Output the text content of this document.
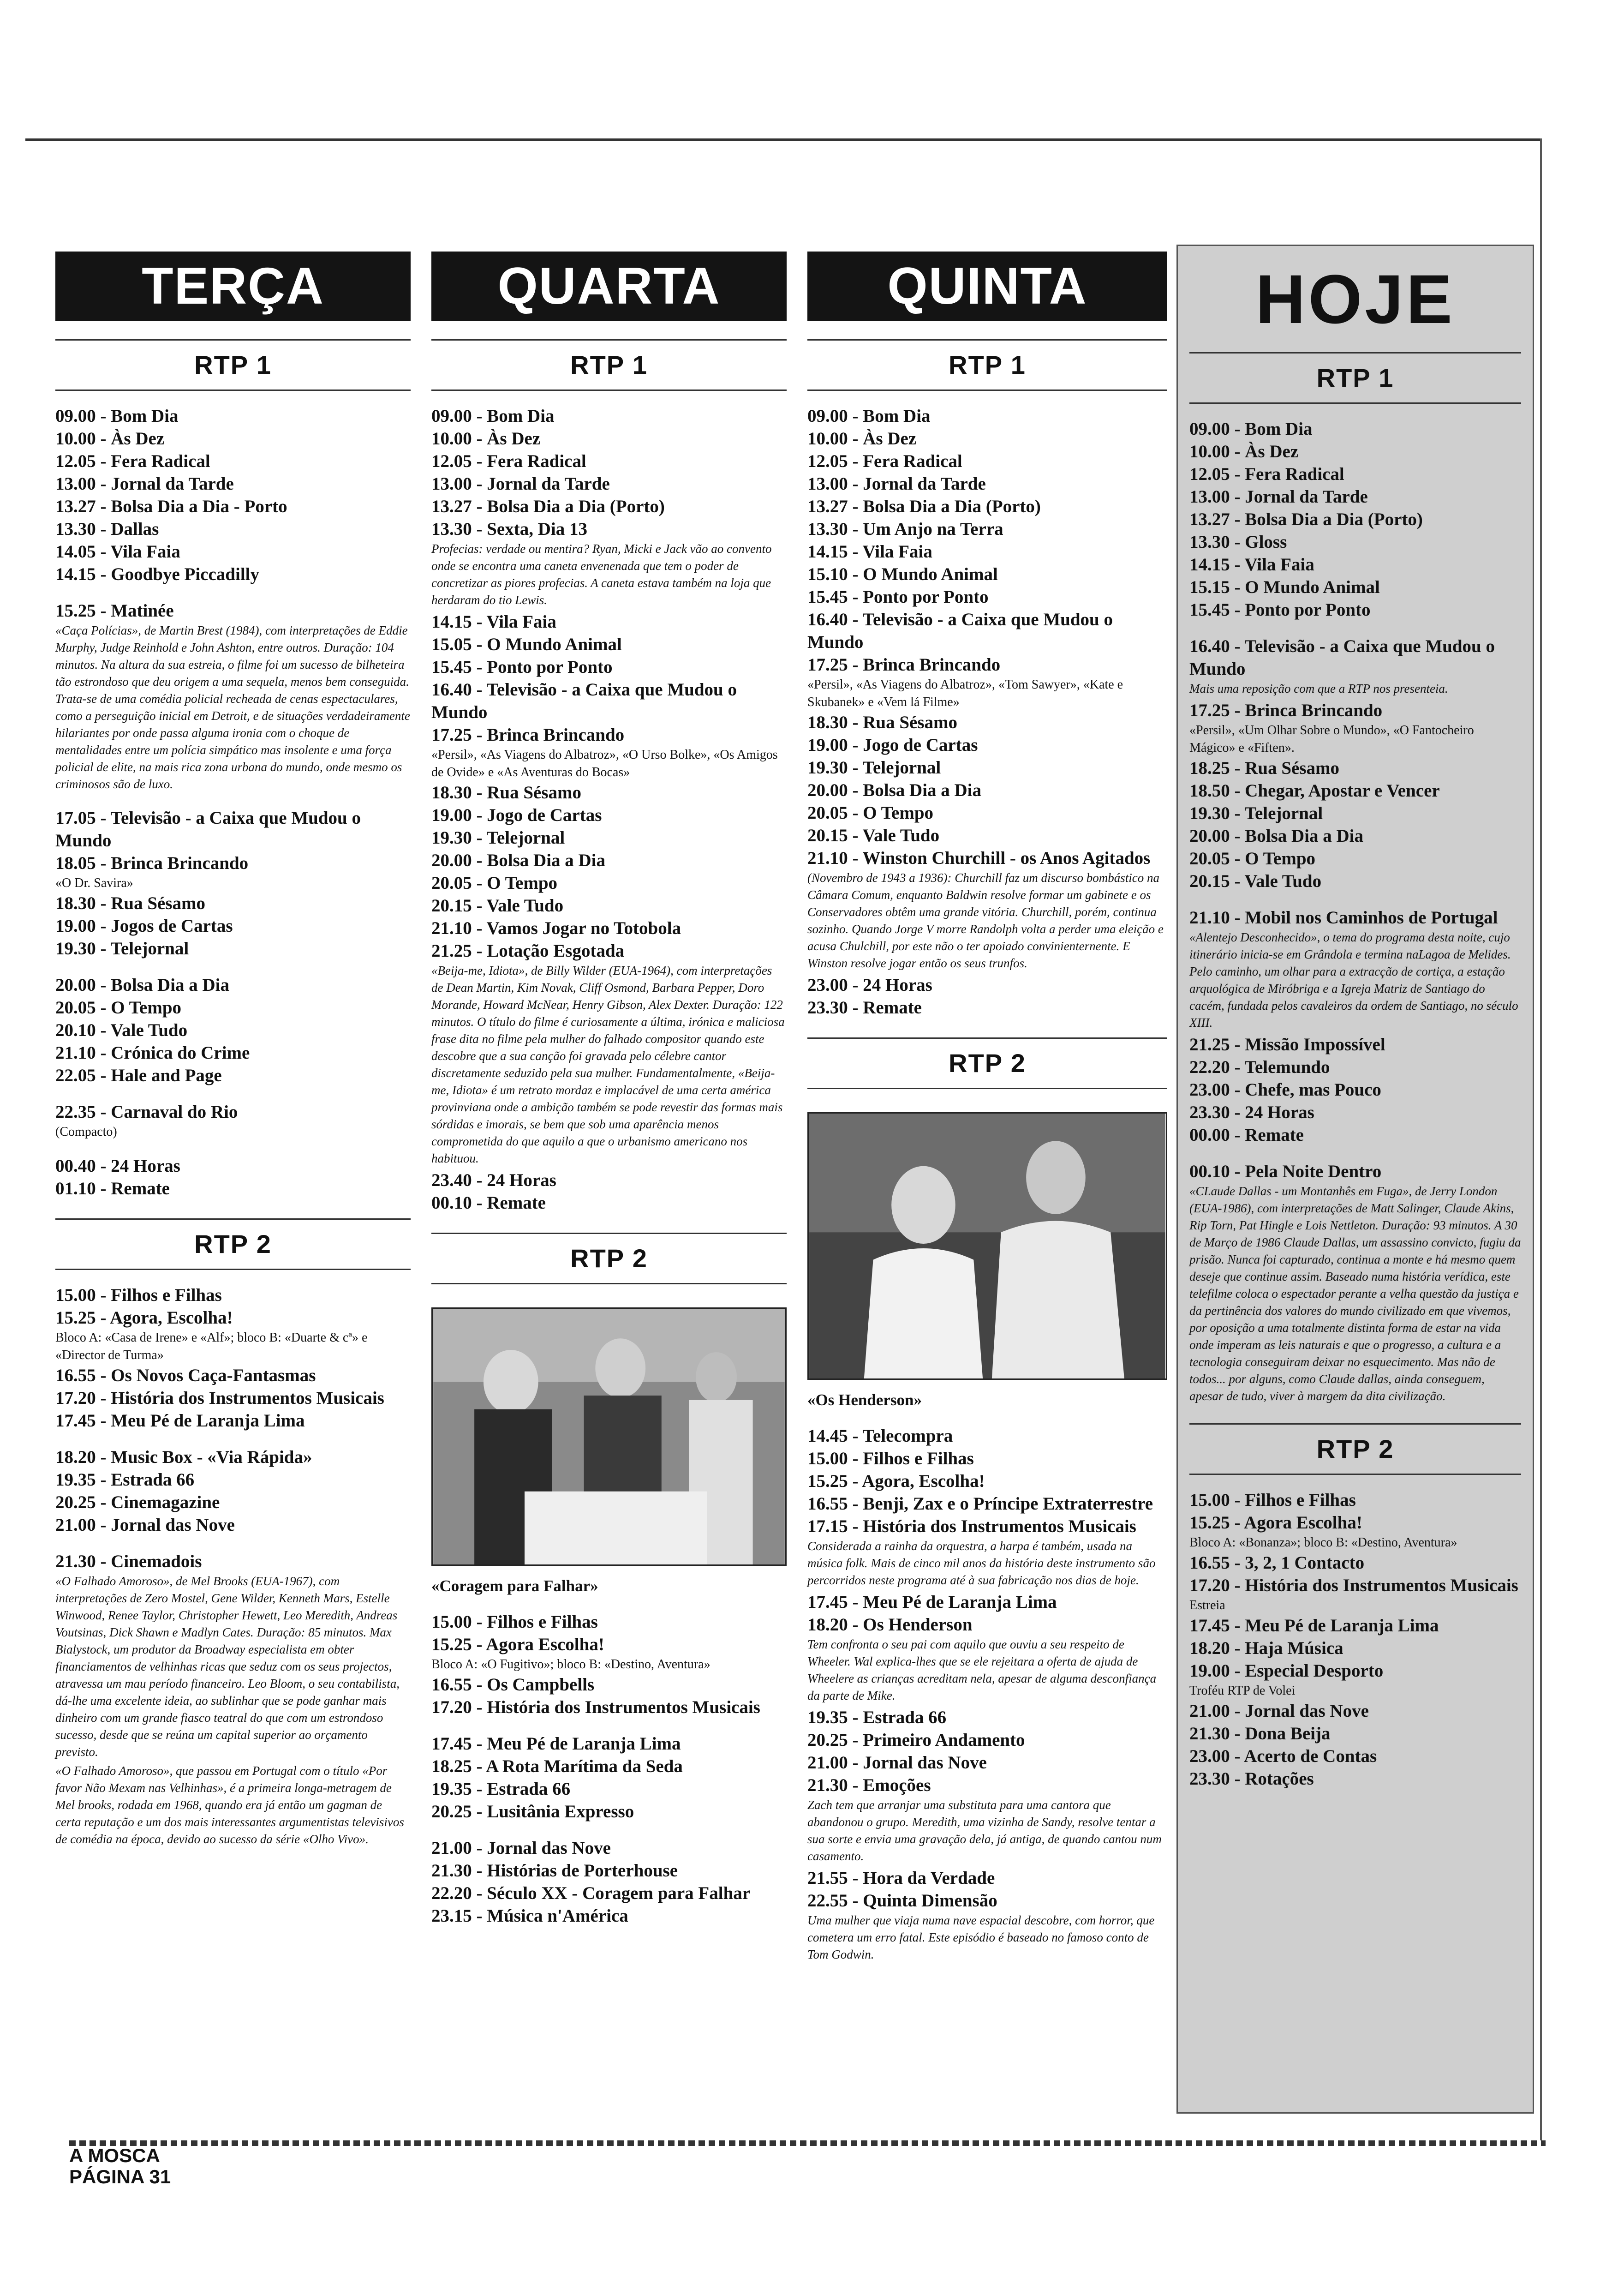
TERÇA
RTP 1
09.00 - Bom Dia
10.00 - Às Dez
12.05 - Fera Radical
13.00 - Jornal da Tarde
13.27 - Bolsa Dia a Dia - Porto
13.30 - Dallas
14.05 - Vila Faia
14.15 - Goodbye Piccadilly
15.25 - Matinée
«Caça Polícias», de Martin Brest (1984), com interpretações de Eddie Murphy, Judge Reinhold e John Ashton, entre outros. Duração: 104 minutos. Na altura da sua estreia, o filme foi um sucesso de bilheteira tão estrondoso que deu origem a uma sequela, menos bem conseguida. Trata-se de uma comédia policial recheada de cenas espectaculares, como a perseguição inicial em Detroit, e de situações verdadeiramente hilariantes por onde passa alguma ironia com o choque de mentalidades entre um polícia simpático mas insolente e uma força policial de elite, na mais rica zona urbana do mundo, onde mesmo os criminosos são de luxo.
17.05 - Televisão - a Caixa que Mudou o Mundo
18.05 - Brinca Brincando
«O Dr. Savira»
18.30 - Rua Sésamo
19.00 - Jogos de Cartas
19.30 - Telejornal
20.00 - Bolsa Dia a Dia
20.05 - O Tempo
20.10 - Vale Tudo
21.10 - Crónica do Crime
22.05 - Hale and Page
22.35 - Carnaval do Rio
(Compacto)
00.40 - 24 Horas
01.10 - Remate
RTP 2
15.00 - Filhos e Filhas
15.25 - Agora, Escolha!
Bloco A: «Casa de Irene» e «Alf»; bloco B: «Duarte & cª» e «Director de Turma»
16.55 - Os Novos Caça-Fantasmas
17.20 - História dos Instrumentos Musicais
17.45 - Meu Pé de Laranja Lima
18.20 - Music Box - «Via Rápida»
19.35 - Estrada 66
20.25 - Cinemagazine
21.00 - Jornal das Nove
21.30 - Cinemadois
«O Falhado Amoroso», de Mel Brooks (EUA-1967), com interpretações de Zero Mostel, Gene Wilder, Kenneth Mars, Estelle Winwood, Renee Taylor, Christopher Hewett, Leo Meredith, Andreas Voutsinas, Dick Shawn e Madlyn Cates. Duração: 85 minutos. Max Bialystock, um produtor da Broadway especialista em obter financiamentos de velhinhas ricas que seduz com os seus projectos, atravessa um mau período financeiro. Leo Bloom, o seu contabilista, dá-lhe uma excelente ideia, ao sublinhar que se pode ganhar mais dinheiro com um grande fiasco teatral do que com um estrondoso sucesso, desde que se reúna um capital superior ao orçamento previsto.
«O Falhado Amoroso», que passou em Portugal com o título «Por favor Não Mexam nas Velhinhas», é a primeira longa-metragem de Mel brooks, rodada em 1968, quando era já então um gagman de certa reputação e um dos mais interessantes argumentistas televisivos de comédia na época, devido ao sucesso da série «Olho Vivo».
QUARTA
RTP 1
09.00 - Bom Dia
10.00 - Às Dez
12.05 - Fera Radical
13.00 - Jornal da Tarde
13.27 - Bolsa Dia a Dia (Porto)
13.30 - Sexta, Dia 13
Profecias: verdade ou mentira? Ryan, Micki e Jack vão ao convento onde se encontra uma caneta envenenada que tem o poder de concretizar as piores profecias. A caneta estava também na loja que herdaram do tio Lewis.
14.15 - Vila Faia
15.05 - O Mundo Animal
15.45 - Ponto por Ponto
16.40 - Televisão - a Caixa que Mudou o Mundo
17.25 - Brinca Brincando
«Persil», «As Viagens do Albatroz», «O Urso Bolke», «Os Amigos de Ovide» e «As Aventuras do Bocas»
18.30 - Rua Sésamo
19.00 - Jogo de Cartas
19.30 - Telejornal
20.00 - Bolsa Dia a Dia
20.05 - O Tempo
20.15 - Vale Tudo
21.10 - Vamos Jogar no Totobola
21.25 - Lotação Esgotada
«Beija-me, Idiota», de Billy Wilder (EUA-1964), com interpretações de Dean Martin, Kim Novak, Cliff Osmond, Barbara Pepper, Doro Morande, Howard McNear, Henry Gibson, Alex Dexter. Duração: 122 minutos. O título do filme é curiosamente a última, irónica e maliciosa frase dita no filme pela mulher do falhado compositor quando este descobre que a sua canção foi gravada pelo célebre cantor discretamente seduzido pela sua mulher. Fundamentalmente, «Beija-me, Idiota» é um retrato mordaz e implacável de uma certa américa provinviana onde a ambição também se pode revestir das formas mais sórdidas e imorais, se bem que sob uma aparência menos comprometida do que aquilo a que o urbanismo americano nos habituou.
23.40 - 24 Horas
00.10 - Remate
RTP 2
«Coragem para Falhar»
15.00 - Filhos e Filhas
15.25 - Agora Escolha!
Bloco A: «O Fugitivo»; bloco B: «Destino, Aventura»
16.55 - Os Campbells
17.20 - História dos Instrumentos Musicais
17.45 - Meu Pé de Laranja Lima
18.25 - A Rota Marítima da Seda
19.35 - Estrada 66
20.25 - Lusitânia Expresso
21.00 - Jornal das Nove
21.30 - Histórias de Porterhouse
22.20 - Século XX - Coragem para Falhar
23.15 - Música n'América
QUINTA
RTP 1
09.00 - Bom Dia
10.00 - Às Dez
12.05 - Fera Radical
13.00 - Jornal da Tarde
13.27 - Bolsa Dia a Dia (Porto)
13.30 - Um Anjo na Terra
14.15 - Vila Faia
15.10 - O Mundo Animal
15.45 - Ponto por Ponto
16.40 - Televisão - a Caixa que Mudou o Mundo
17.25 - Brinca Brincando
«Persil», «As Viagens do Albatroz», «Tom Sawyer», «Kate e Skubanek» e «Vem lá Filme»
18.30 - Rua Sésamo
19.00 - Jogo de Cartas
19.30 - Telejornal
20.00 - Bolsa Dia a Dia
20.05 - O Tempo
20.15 - Vale Tudo
21.10 - Winston Churchill - os Anos Agitados
(Novembro de 1943 a 1936): Churchill faz um discurso bombástico na Câmara Comum, enquanto Baldwin resolve formar um gabinete e os Conservadores obtêm uma grande vitória. Churchill, porém, continua sozinho. Quando Jorge V morre Randolph volta a perder uma eleição e acusa Chulchill, por este não o ter apoiado convinienternente. E Winston resolve jogar então os seus trunfos.
23.00 - 24 Horas
23.30 - Remate
RTP 2
«Os Henderson»
14.45 - Telecompra
15.00 - Filhos e Filhas
15.25 - Agora, Escolha!
16.55 - Benji, Zax e o Príncipe Extraterrestre
17.15 - História dos Instrumentos Musicais
Considerada a rainha da orquestra, a harpa é também, usada na música folk. Mais de cinco mil anos da história deste instrumento são percorridos neste programa até à sua fabricação nos dias de hoje.
17.45 - Meu Pé de Laranja Lima
18.20 - Os Henderson
Tem confronta o seu pai com aquilo que ouviu a seu respeito de Wheeler. Wal explica-lhes que se ele rejeitara a oferta de ajuda de Wheelere as crianças acreditam nela, apesar de alguma desconfiança da parte de Mike.
19.35 - Estrada 66
20.25 - Primeiro Andamento
21.00 - Jornal das Nove
21.30 - Emoções
Zach tem que arranjar uma substituta para uma cantora que abandonou o grupo. Meredith, uma vizinha de Sandy, resolve tentar a sua sorte e envia uma gravação dela, já antiga, de quando cantou num casamento.
21.55 - Hora da Verdade
22.55 - Quinta Dimensão
Uma mulher que viaja numa nave espacial descobre, com horror, que cometera um erro fatal. Este episódio é baseado no famoso conto de Tom Godwin.
HOJE
RTP 1
09.00 - Bom Dia
10.00 - Às Dez
12.05 - Fera Radical
13.00 - Jornal da Tarde
13.27 - Bolsa Dia a Dia (Porto)
13.30 - Gloss
14.15 - Vila Faia
15.15 - O Mundo Animal
15.45 - Ponto por Ponto
16.40 - Televisão - a Caixa que Mudou o Mundo
Mais uma reposição com que a RTP nos presenteia.
17.25 - Brinca Brincando
«Persil», «Um Olhar Sobre o Mundo», «O Fantocheiro Mágico» e «Fiften».
18.25 - Rua Sésamo
18.50 - Chegar, Apostar e Vencer
19.30 - Telejornal
20.00 - Bolsa Dia a Dia
20.05 - O Tempo
20.15 - Vale Tudo
21.10 - Mobil nos Caminhos de Portugal
«Alentejo Desconhecido», o tema do programa desta noite, cujo itinerário inicia-se em Grândola e termina naLagoa de Melides. Pelo caminho, um olhar para a extracção de cortiça, a estação arquológica de Miróbriga e a Igreja Matriz de Santiago do cacém, fundada pelos cavaleiros da ordem de Santiago, no século XIII.
21.25 - Missão Impossível
22.20 - Telemundo
23.00 - Chefe, mas Pouco
23.30 - 24 Horas
00.00 - Remate
00.10 - Pela Noite Dentro
«CLaude Dallas - um Montanhês em Fuga», de Jerry London (EUA-1986), com interpretações de Matt Salinger, Claude Akins, Rip Torn, Pat Hingle e Lois Nettleton. Duração: 93 minutos. A 30 de Março de 1986 Claude Dallas, um assassino convicto, fugiu da prisão. Nunca foi capturado, continua a monte e há mesmo quem deseje que continue assim. Baseado numa história verídica, este telefilme coloca o espectador perante a velha questão da justiça e da pertinência dos valores do mundo civilizado em que vivemos, por oposição a uma totalmente distinta forma de estar na vida onde imperam as leis naturais e que o progresso, a cultura e a tecnologia conseguiram deixar no esquecimento. Mas não de todos... por alguns, como Claude dallas, ainda conseguem, apesar de tudo, viver à margem da dita civilização.
RTP 2
15.00 - Filhos e Filhas
15.25 - Agora Escolha!
Bloco A: «Bonanza»; bloco B: «Destino, Aventura»
16.55 - 3, 2, 1 Contacto
17.20 - História dos Instrumentos Musicais
Estreia
17.45 - Meu Pé de Laranja Lima
18.20 - Haja Música
19.00 - Especial Desporto
Troféu RTP de Volei
21.00 - Jornal das Nove
21.30 - Dona Beija
23.00 - Acerto de Contas
23.30 - Rotações
A MOSCA
PÁGINA 31
